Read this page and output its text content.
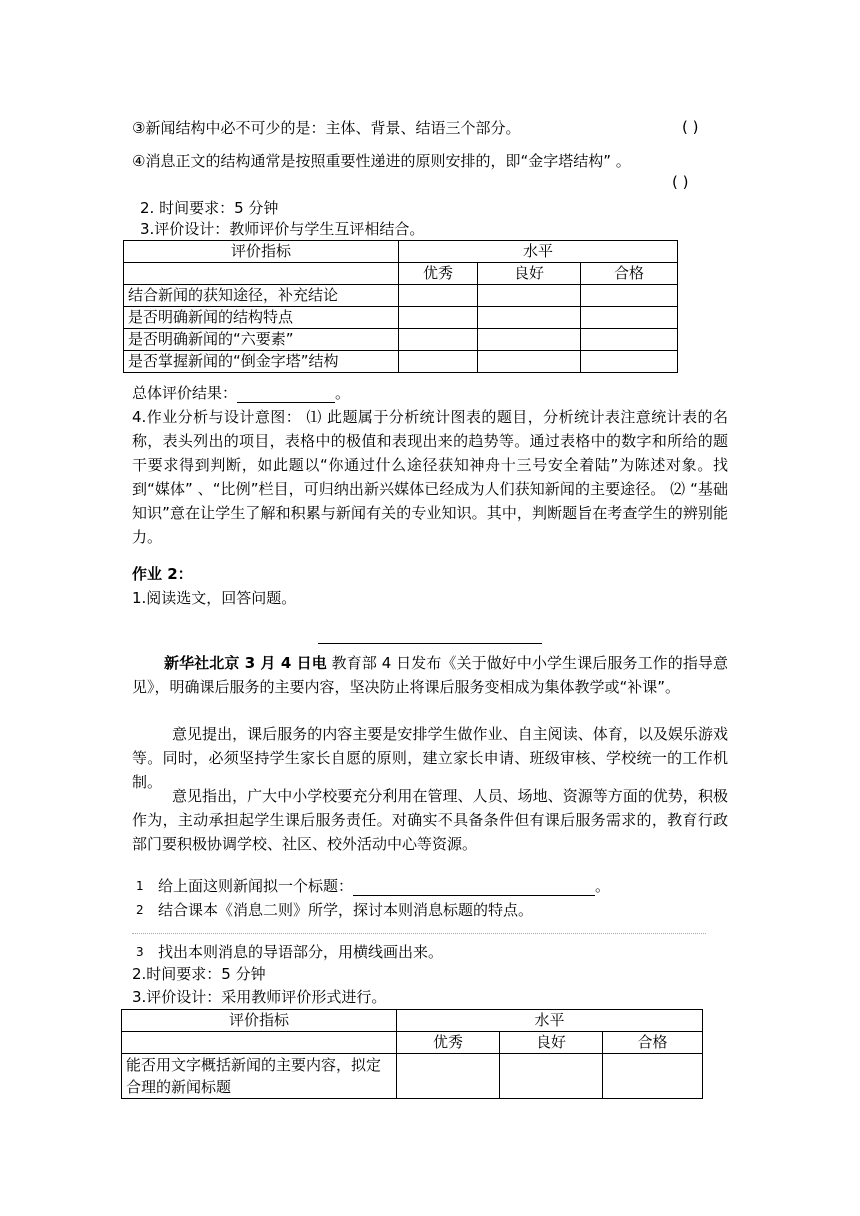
③新闻结构中必不可少的是：主体、背景、结语三个部分。	( )
④消息正文的结构通常是按照重要性递进的原则安排的，即“金字塔结构” 。
( )
2. 时间要求：5 分钟
3.评价设计：教师评价与学生互评相结合。
评价指标	水平		
	优秀	良好	合格
结合新闻的获知途径，补充结论			
是否明确新闻的结构特点			
是否明确新闻的“六要素”			
是否掌握新闻的“倒金字塔”结构			
总体评价结果：	。
4.作业分析与设计意图： ⑴ 此题属于分析统计图表的题目，分析统计表注意统计表的名称，表头列出的项目，表格中的极值和表现出来的趋势等。通过表格中的数字和所给的题干要求得到判断，如此题以“你通过什么途径获知神舟十三号安全着陆”为陈述对象。找到“媒体” 、“比例”栏目，可归纳出新兴媒体已经成为人们获知新闻的主要途径。 ⑵ “基础知识”意在让学生了解和积累与新闻有关的专业知识。其中，判断题旨在考查学生的辨别能力。
作业 2：
1.阅读选文，回答问题。
新华社北京 3 月 4 日电 教育部 4 日发布《关于做好中小学生课后服务工作的指导意见》，明确课后服务的主要内容，坚决防止将课后服务变相成为集体教学或“补课”。
意见提出，课后服务的内容主要是安排学生做作业、自主阅读、体育，以及娱乐游戏等。同时，必须坚持学生家长自愿的原则，建立家长申请、班级审核、学校统一的工作机制。
意见指出，广大中小学校要充分利用在管理、人员、场地、资源等方面的优势，积极作为，主动承担起学生课后服务责任。对确实不具备条件但有课后服务需求的，教育行政部门要积极协调学校、社区、校外活动中心等资源。
1 给上面这则新闻拟一个标题：	。
2 结合课本《消息二则》所学，探讨本则消息标题的特点。
3 找出本则消息的导语部分，用横线画出来。
2.时间要求：5 分钟
3.评价设计：采用教师评价形式进行。
评价指标	水平		
	优秀	良好	合格
能否用文字概括新闻的主要内容，拟定合理的新闻标题			
